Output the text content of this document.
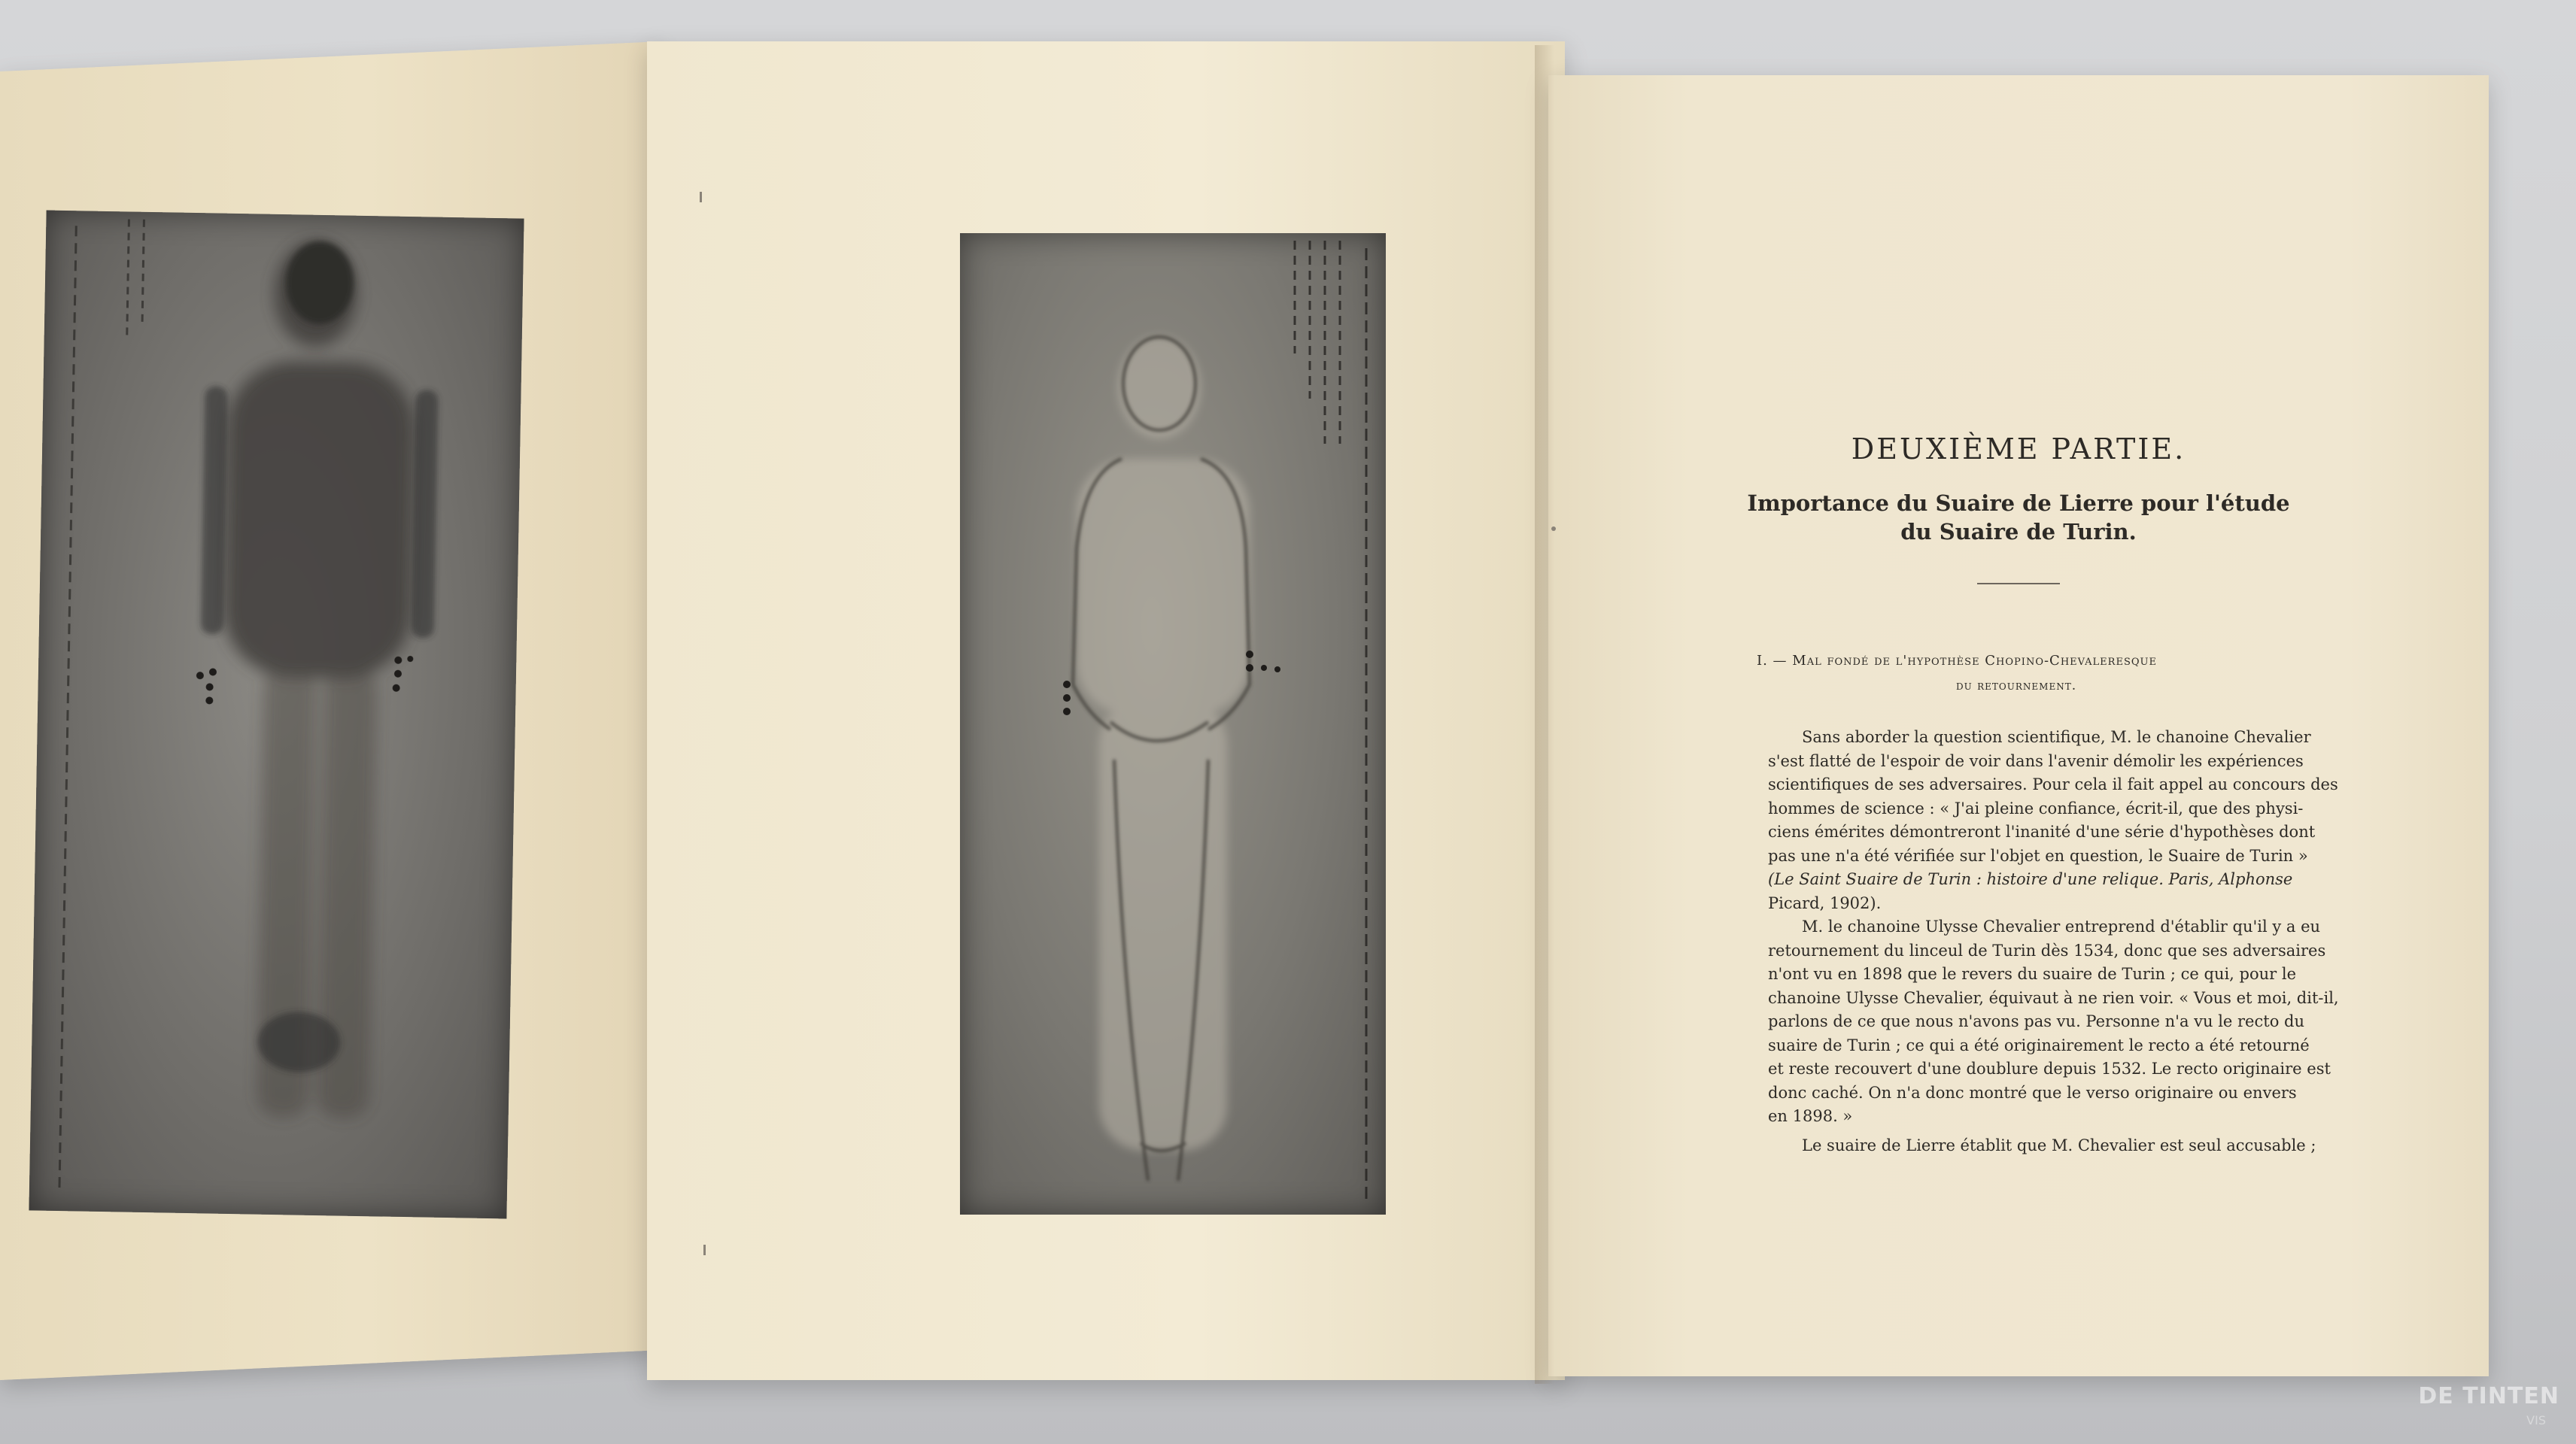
DEUXIÈME PARTIE.
Importance du Suaire de Lierre pour l'étude
du Suaire de Turin.
I. — Mal fondé de l'hypothèse Chopino-Chevaleresque
du retournement.
Sans aborder la question scientifique, M. le chanoine Chevalier
s'est flatté de l'espoir de voir dans l'avenir démolir les expériences
scientifiques de ses adversaires. Pour cela il fait appel au concours des
hommes de science : « J'ai pleine confiance, écrit-il, que des physi-
ciens émérites démontreront l'inanité d'une série d'hypothèses dont
pas une n'a été vérifiée sur l'objet en question, le Suaire de Turin »
(Le Saint Suaire de Turin : histoire d'une relique. Paris, Alphonse
Picard, 1902).
M. le chanoine Ulysse Chevalier entreprend d'établir qu'il y a eu
retournement du linceul de Turin dès 1534, donc que ses adversaires
n'ont vu en 1898 que le revers du suaire de Turin ; ce qui, pour le
chanoine Ulysse Chevalier, équivaut à ne rien voir. « Vous et moi, dit-il,
parlons de ce que nous n'avons pas vu. Personne n'a vu le recto du
suaire de Turin ; ce qui a été originairement le recto a été retourné
et reste recouvert d'une doublure depuis 1532. Le recto originaire est
donc caché. On n'a donc montré que le verso originaire ou envers
en 1898. »
Le suaire de Lierre établit que M. Chevalier est seul accusable ;
DE TINTEN
VIS
